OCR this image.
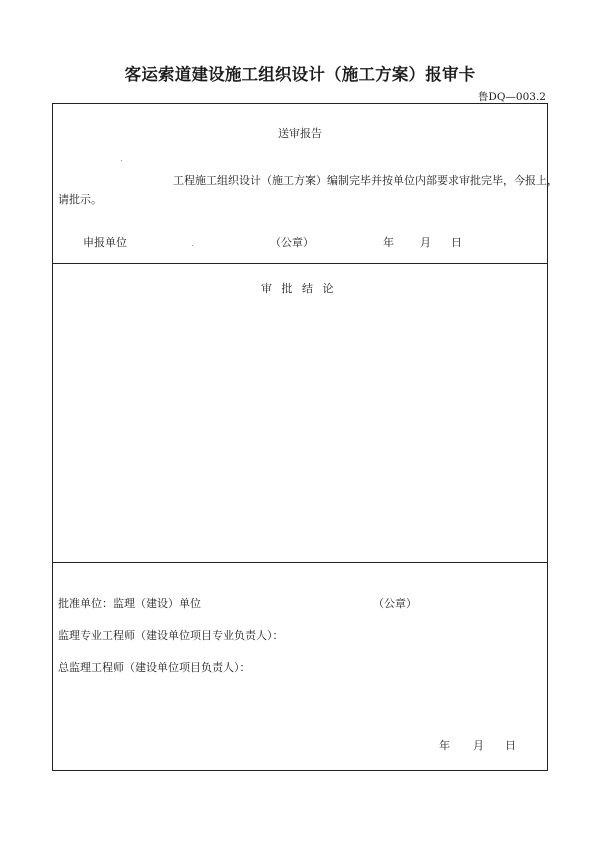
客运索道建设施工组织设计（施工方案）报审卡
鲁DQ—003.2
送审报告
工程施工组织设计（施工方案）编制完毕并按单位内部要求审批完毕，今报上，
请批示。
申报单位	（公章）	年 月 日
审 批 结 论
批准单位：监理（建设）单位	（公章）
监理专业工程师（建设单位项目专业负责人）：
总监理工程师（建设单位项目负责人）：
年 月 日
